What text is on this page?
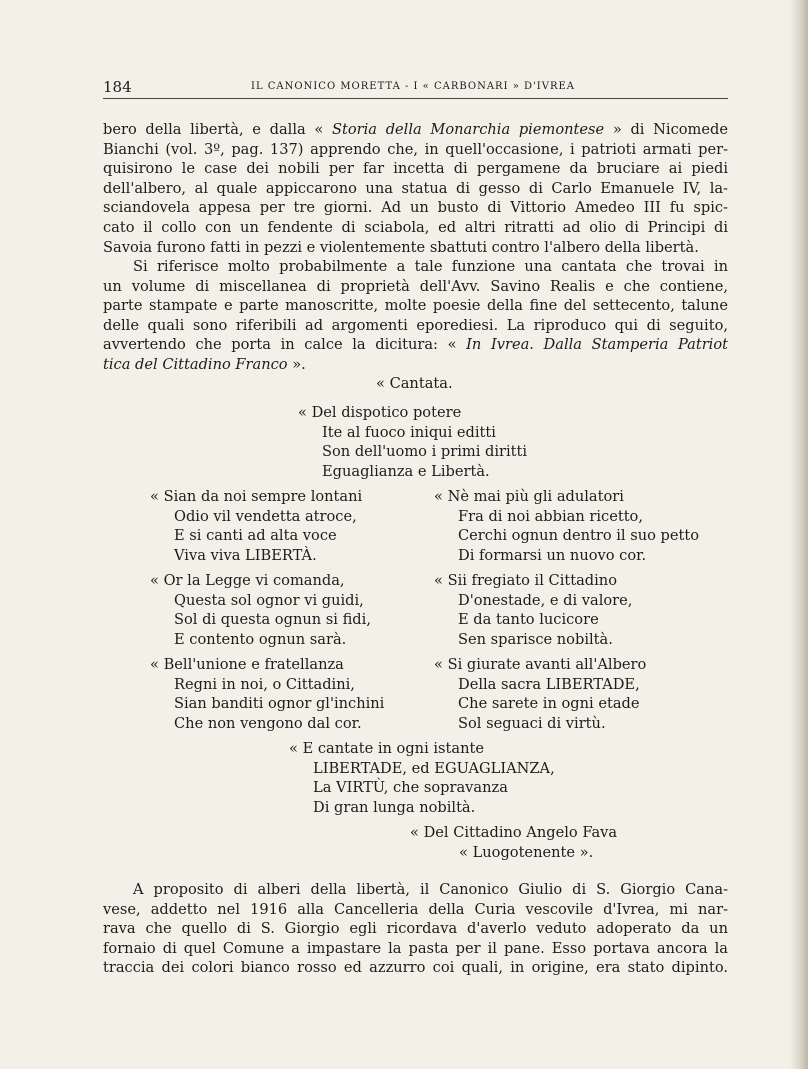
184	IL CANONICO MORETTA - I « CARBONARI » D'IVREA
bero della libertà, e dalla « Storia della Monarchia piemontese » di Nicomede
Bianchi (vol. 3º, pag. 137) apprendo che, in quell'occasione, i patrioti armati per-
quisirono le case dei nobili per far incetta di pergamene da bruciare ai piedi
dell'albero, al quale appiccarono una statua di gesso di Carlo Emanuele IV, la-
sciandovela appesa per tre giorni. Ad un busto di Vittorio Amedeo III fu spic-
cato il collo con un fendente di sciabola, ed altri ritratti ad olio di Principi di
Savoia furono fatti in pezzi e violentemente sbattuti contro l'albero della libertà.
Si riferisce molto probabilmente a tale funzione una cantata che trovai in
un volume di miscellanea di proprietà dell'Avv. Savino Realis e che contiene,
parte stampate e parte manoscritte, molte poesie della fine del settecento, talune
delle quali sono riferibili ad argomenti eporediesi. La riproduco qui di seguito,
avvertendo che porta in calce la dicitura: « In Ivrea. Dalla Stamperia Patriot
tica del Cittadino Franco ».
« Cantata.
« Del dispotico potere
Ite al fuoco iniqui editti
Son dell'uomo i primi diritti
Eguaglianza e Libertà.
« Sian da noi sempre lontani
Odio vil vendetta atroce,
E si canti ad alta voce
Viva viva LIBERTÀ.
« Nè mai più gli adulatori
Fra di noi abbian ricetto,
Cerchi ognun dentro il suo petto
Di formarsi un nuovo cor.
« Or la Legge vi comanda,
Questa sol ognor vi guidi,
Sol di questa ognun si fidi,
E contento ognun sarà.
« Sii fregiato il Cittadino
D'onestade, e di valore,
E da tanto lucicore
Sen sparisce nobiltà.
« Bell'unione e fratellanza
Regni in noi, o Cittadini,
Sian banditi ognor gl'inchini
Che non vengono dal cor.
« Si giurate avanti all'Albero
Della sacra LIBERTADE,
Che sarete in ogni etade
Sol seguaci di virtù.
« E cantate in ogni istante
LIBERTADE, ed EGUAGLIANZA,
La VIRTÙ, che sopravanza
Di gran lunga nobiltà.
« Del Cittadino Angelo Fava
« Luogotenente ».
A proposito di alberi della libertà, il Canonico Giulio di S. Giorgio Cana-
vese, addetto nel 1916 alla Cancelleria della Curia vescovile d'Ivrea, mi nar-
rava che quello di S. Giorgio egli ricordava d'averlo veduto adoperato da un
fornaio di quel Comune a impastare la pasta per il pane. Esso portava ancora la
traccia dei colori bianco rosso ed azzurro coi quali, in origine, era stato dipinto.
